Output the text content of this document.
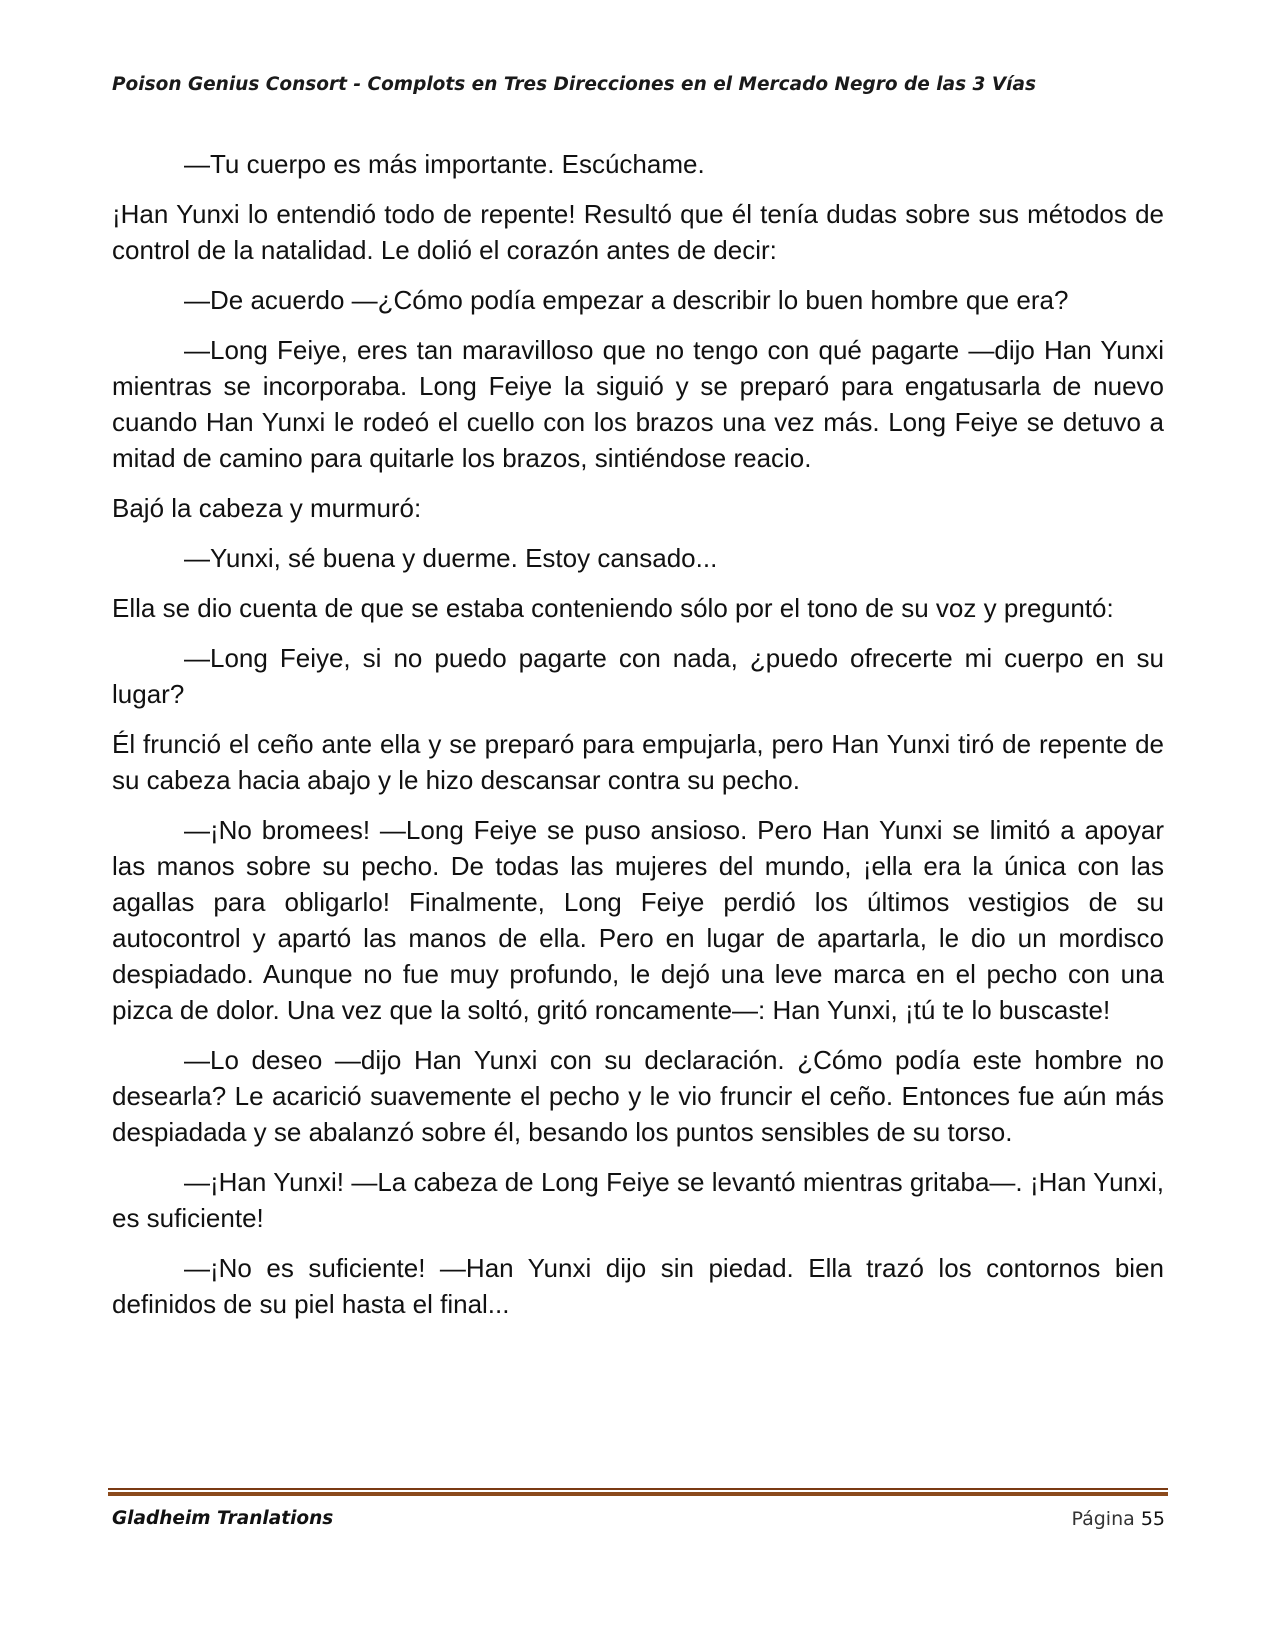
Poison Genius Consort - Complots en Tres Direcciones en el Mercado Negro de las 3 Vías

—Tu cuerpo es más importante. Escúchame.

¡Han Yunxi lo entendió todo de repente! Resultó que él tenía dudas sobre sus métodos de control de la natalidad. Le dolió el corazón antes de decir:

—De acuerdo —¿Cómo podía empezar a describir lo buen hombre que era?

—Long Feiye, eres tan maravilloso que no tengo con qué pagarte —dijo Han Yunxi mientras se incorporaba. Long Feiye la siguió y se preparó para engatusarla de nuevo cuando Han Yunxi le rodeó el cuello con los brazos una vez más. Long Feiye se detuvo a mitad de camino para quitarle los brazos, sintiéndose reacio.

Bajó la cabeza y murmuró:

—Yunxi, sé buena y duerme. Estoy cansado...

Ella se dio cuenta de que se estaba conteniendo sólo por el tono de su voz y preguntó:

—Long Feiye, si no puedo pagarte con nada, ¿puedo ofrecerte mi cuerpo en su lugar?

Él frunció el ceño ante ella y se preparó para empujarla, pero Han Yunxi tiró de repente de su cabeza hacia abajo y le hizo descansar contra su pecho.

—¡No bromees! —Long Feiye se puso ansioso. Pero Han Yunxi se limitó a apoyar las manos sobre su pecho. De todas las mujeres del mundo, ¡ella era la única con las agallas para obligarlo! Finalmente, Long Feiye perdió los últimos vestigios de su autocontrol y apartó las manos de ella. Pero en lugar de apartarla, le dio un mordisco despiadado. Aunque no fue muy profundo, le dejó una leve marca en el pecho con una pizca de dolor. Una vez que la soltó, gritó roncamente—: Han Yunxi, ¡tú te lo buscaste!

—Lo deseo —dijo Han Yunxi con su declaración. ¿Cómo podía este hombre no desearla? Le acarició suavemente el pecho y le vio fruncir el ceño. Entonces fue aún más despiadada y se abalanzó sobre él, besando los puntos sensibles de su torso.

—¡Han Yunxi! —La cabeza de Long Feiye se levantó mientras gritaba—. ¡Han Yunxi, es suficiente!

—¡No es suficiente! —Han Yunxi dijo sin piedad. Ella trazó los contornos bien definidos de su piel hasta el final...

Gladheim Tranlations	Página 55
